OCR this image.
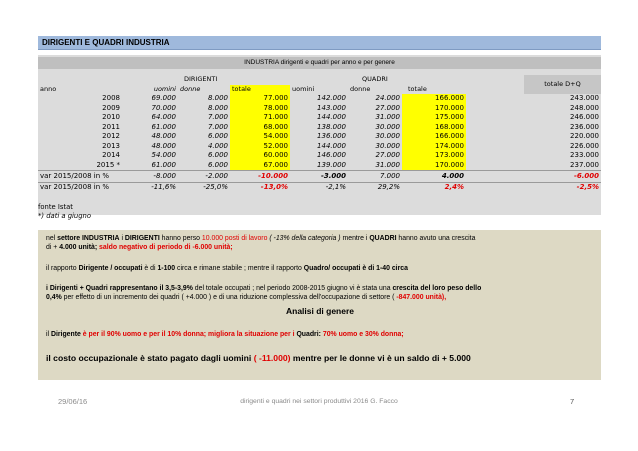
DIRIGENTI E QUADRI INDUSTRIA
INDUSTRIA dirigenti e quadri per anno e per genere
		DIRIGENTI			QUADRI			totale D+Q
anno	uomini	donne	totale	uomini	donne	totale		
2008	69.000	8.000	77.000	142.000	24.000	166.000		243.000
2009	70.000	8.000	78.000	143.000	27.000	170.000		248.000
2010	64.000	7.000	71.000	144.000	31.000	175.000		246.000
2011	61.000	7.000	68.000	138.000	30.000	168.000		236.000
2012	48.000	6.000	54.000	136.000	30.000	166.000		220.000
2013	48.000	4.000	52.000	144.000	30.000	174.000		226.000
2014	54.000	6.000	60.000	146.000	27.000	173.000		233.000
2015 *	61.000	6.000	67.000	139.000	31.000	170.000		237.000
var 2015/2008 in %	-8.000	-2.000	-10.000	-3.000	7.000	4.000		-6.000
var 2015/2008 in %	-11,6%	-25,0%	-13,0%	-2,1%	29,2%	2,4%		-2,5%
fonte Istat
*) dati a giugno
nel settore INDUSTRIA i DIRIGENTI hanno perso 10.000 posti di lavoro ( -13% della categoria ) mentre i QUADRI hanno avuto una crescita
di + 4.000 unità; saldo negativo di periodo di -6.000 unità;
il rapporto Dirigente / occupati è di 1-100 circa e rimane stabile ; mentre il rapporto Quadro/ occupati è di 1-40 circa
i Dirigenti + Quadri rappresentano il 3,5-3,9% del totale occupati ; nel periodo 2008-2015 giugno vi è stata una crescita del loro peso dello
0,4% per effetto di un incremento dei quadri ( +4.000 ) e di una riduzione complessiva dell'occupazione di settore ( -847.000 unità),
Analisi di genere
il Dirigente è per il 90% uomo e per il 10% donna; migliora la situazione per i Quadri: 70% uomo e 30% donna;
il costo occupazionale è stato pagato dagli uomini ( -11.000) mentre per le donne vi è un saldo di + 5.000
29/06/16	dirigenti e quadri nei settori produttivi 2016 G. Facco	7
